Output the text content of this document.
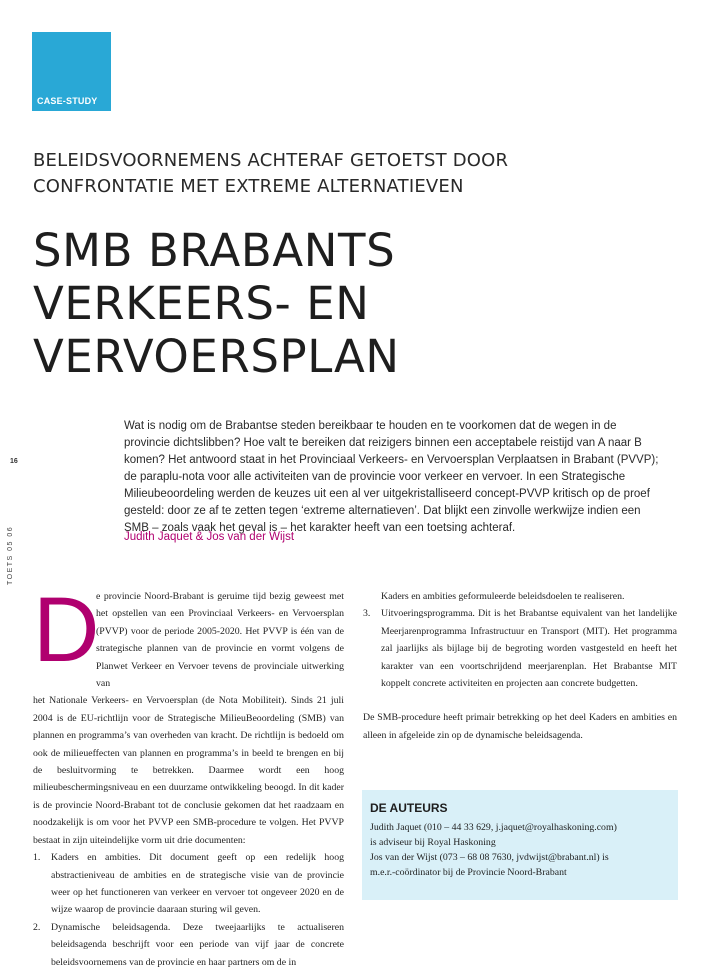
CASE-STUDY
BELEIDSVOORNEMENS ACHTERAF GETOETST DOOR
CONFRONTATIE MET EXTREME ALTERNATIEVEN
SMB BRABANTS
VERKEERS- EN
VERVOERSPLAN
16
TOETS 05 06

Wat is nodig om de Brabantse steden bereikbaar te houden en te voorkomen dat de wegen in de provincie dichtslibben? Hoe valt te bereiken dat reizigers binnen een acceptabele reistijd van A naar B komen? Het antwoord staat in het Provinciaal Verkeers- en Vervoersplan Verplaatsen in Brabant (PVVP); de paraplu-nota voor alle activiteiten van de provincie voor verkeer en vervoer. In een Strategische Milieubeoordeling werden de keuzes uit een al ver uitgekristalliseerd concept-PVVP kritisch op de proef gesteld: door ze af te zetten tegen ‘extreme alternatieven’. Dat blijkt een zinvolle werkwijze indien een SMB – zoals vaak het geval is – het karakter heeft van een toetsing achteraf.

Judith Jaquet & Jos van der Wijst
D

e provincie Noord-Brabant is geruime tijd bezig geweest met het opstellen van een Provinciaal Verkeers- en Vervoersplan (PVVP) voor de periode 2005-2020. Het PVVP is één van de strategische plannen van de provincie en vormt volgens de Planwet Verkeer en Vervoer tevens de provinciale uitwerking van

het Nationale Verkeers- en Vervoersplan (de Nota Mobiliteit). Sinds 21 juli 2004 is de EU-richtlijn voor de Strategische MilieuBeoordeling (SMB) van plannen en programma’s van overheden van kracht. De richtlijn is bedoeld om ook de milieueffecten van plannen en programma’s in beeld te brengen en bij de besluitvorming te betrekken. Daarmee wordt een hoog milieubeschermingsniveau en een duurzame ontwikkeling beoogd. In dit kader is de provincie Noord-Brabant tot de conclusie gekomen dat het raadzaam en noodzakelijk is om voor het PVVP een SMB-procedure te volgen. Het PVVP bestaat in zijn uiteindelijke vorm uit drie documenten:

1. Kaders en ambities. Dit document geeft op een redelijk hoog abstractieniveau de ambities en de strategische visie van de provincie weer op het functioneren van verkeer en vervoer tot ongeveer 2020 en de wijze waarop de provincie daaraan sturing wil geven.
2. Dynamische beleidsagenda. Deze tweejaarlijks te actualiseren beleidsagenda beschrijft voor een periode van vijf jaar de concrete beleidsvoornemens van de provincie en haar partners om de in

Kaders en ambities geformuleerde beleidsdoelen te realiseren.

3. Uitvoeringsprogramma. Dit is het Brabantse equivalent van het landelijke Meerjarenprogramma Infrastructuur en Transport (MIT). Het programma zal jaarlijks als bijlage bij de begroting worden vastgesteld en heeft het karakter van een voortschrijdend meerjarenplan. Het Brabantse MIT koppelt concrete activiteiten en projecten aan concrete budgetten.

De SMB-procedure heeft primair betrekking op het deel Kaders en ambities en alleen in afgeleide zin op de dynamische beleidsagenda.

DE AUTEURS
Judith Jaquet (010 – 44 33 629, j.jaquet@royalhaskoning.com)
is adviseur bij Royal Haskoning
Jos van der Wijst (073 – 68 08 7630, jvdwijst@brabant.nl) is
m.e.r.-coördinator bij de Provincie Noord-Brabant
